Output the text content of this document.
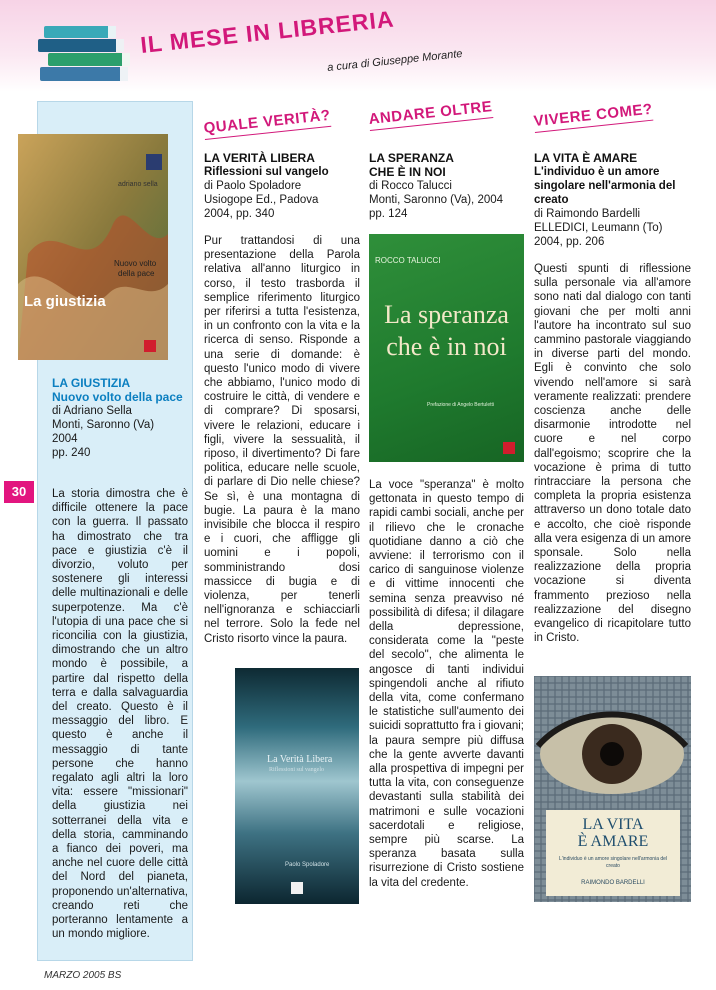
IL MESE IN LIBRERIA
a cura di Giuseppe Morante
adriano sella
Nuovo volto
della pace
La giustizia
LA GIUSTIZIA
Nuovo volto della pace
di Adriano Sella
Monti, Saronno (Va)
2004
pp. 240
30	La storia dimostra che è difficile ottenere la pace con la guerra. Il passato ha dimostrato che tra pace e giustizia c'è il divorzio, voluto per sostenere gli interessi delle multinazionali e delle superpotenze. Ma c'è l'utopia di una pace che si riconcilia con la giustizia, dimostrando che un altro mondo è possibile, a partire dal rispetto della terra e dalla salvaguardia del creato. Questo è il messaggio del libro. E questo è anche il messaggio di tante persone che hanno regalato agli altri la loro vita: essere "missionari" della giustizia nei sotterranei della vita e della storia, camminando a fianco dei poveri, ma anche nel cuore delle città del Nord del pianeta, proponendo un'alternativa, creando reti che porteranno lentamente a un mondo migliore.
QUALE VERITÀ? ANDARE OLTRE	VIVERE COME?
LA VERITÀ LIBERA
Riflessioni sul vangelo
di Paolo Spoladore
Usiogope Ed., Padova
2004, pp. 340
Pur trattandosi di una presentazione della Parola relativa all'anno liturgico in corso, il testo trasborda il semplice riferimento liturgico per riferirsi a tutta l'esistenza, in un confronto con la vita e la ricerca di senso. Risponde a una serie di domande: è questo l'unico modo di vivere che abbiamo, l'unico modo di costruire le città, di vendere e di comprare? Di sposarsi, vivere le relazioni, educare i figli, vivere la sessualità, il riposo, il divertimento? Di fare politica, educare nelle scuole, di parlare di Dio nelle chiese? Se sì, è una montagna di bugie. La paura è la mano invisibile che blocca il respiro e i cuori, che affligge gli uomini e i popoli, somministrando dosi massicce di bugia e di violenza, per tenerli nell'ignoranza e schiacciarli nel terrore. Solo la fede nel Cristo risorto vince la paura.
La Verità Libera
Riflessioni sul vangelo
Paolo Spoladore
LA SPERANZA CHE È IN NOI
di Rocco Talucci
Monti, Saronno (Va), 2004
pp. 124
ROCCO TALUCCI
La speranza
che è in noi
Prefazione di Angelo Bertuletti
La voce "speranza" è molto gettonata in questo tempo di rapidi cambi sociali, anche per il rilievo che le cronache quotidiane danno a ciò che avviene: il terrorismo con il carico di sanguinose violenze e di vittime innocenti che semina senza preavviso né possibilità di difesa; il dilagare della depressione, considerata come la "peste del secolo", che alimenta le angosce di tanti individui spingendoli anche al rifiuto della vita, come confermano le statistiche sull'aumento dei suicidi soprattutto fra i giovani; la paura sempre più diffusa che la gente avverte davanti alla prospettiva di impegni per tutta la vita, con conseguenze devastanti sulla stabilità dei matrimoni e sulle vocazioni sacerdotali e religiose, sempre più scarse. La speranza basata sulla risurrezione di Cristo sostiene la vita del credente.
LA VITA È AMARE
L'individuo è un amore singolare nell'armonia del creato
di Raimondo Bardelli
ELLEDICI, Leumann (To)
2004, pp. 206
Questi spunti di riflessione sulla personale via all'amore sono nati dal dialogo con tanti giovani che per molti anni l'autore ha incontrato sul suo cammino pastorale viaggiando in diverse parti del mondo. Egli è convinto che solo vivendo nell'amore si sarà veramente realizzati: prendere coscienza anche delle disarmonie introdotte nel cuore e nel corpo dall'egoismo; scoprire che la vocazione è prima di tutto rintracciare la persona che completa la propria esistenza attraverso un dono totale dato e accolto, che cioè risponde alla vera esigenza di un amore sponsale. Solo nella realizzazione della propria vocazione si diventa frammento prezioso nella realizzazione del disegno evangelico di ricapitolare tutto in Cristo.
LA VITA
È AMARE
L'individuo è un amore singolare nell'armonia del creato
RAIMONDO BARDELLI
MARZO 2005 BS
